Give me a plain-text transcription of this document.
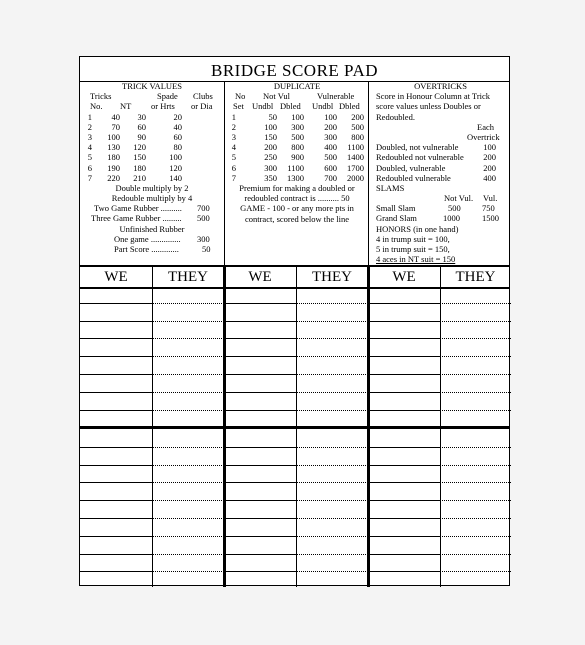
BRIDGE SCORE PAD
TRICK VALUES
Tricks	Spade Clubs
No. NT or Hrts or Dia
1 40 30	20
2 70 60	40
3 100 90	60
4 130 120	80
5 180 150	100
6 190 180	120
7 220 210	140
Double multiply by 2
Redouble multiply by 4
Two Game Rubber .......... 700
Three Game Rubber ......... 500
Unfinished Rubber
One game .............. 300
Part Score .............	50
DUPLICATE
No Not Vul	Vulnerable
Set Undbl Dbled Undbl Dbled
1	50 100 100 200
2	100 300 200 500
3	150 500 300 800
4	200 800 400 1100
5	250 900 500 1400
6	300 1100 600 1700
7	350 1300 700 2000
Premium for making a doubled or
redoubled contract is .......... 50
GAME - 100 - or any more pts in
contract, scored below the line
OVERTRICKS
Score in Honour Column at Trick
score values unless Doubles or
Redoubled.
Each
Overtrick
Doubled, not vulnerable	100
Redoubled not vulnerable 200
Doubled, vulnerable	200
Redoubled vulnerable	400
SLAMS
Not Vul. Vul.
Small Slam	500	750
Grand Slam	1000	1500
HONORS (in one hand)
4 in trump suit = 100,
5 in trump suit = 150,
4 aces in NT suit = 150
WE	THEY	WE	THEY	WE	THEY
